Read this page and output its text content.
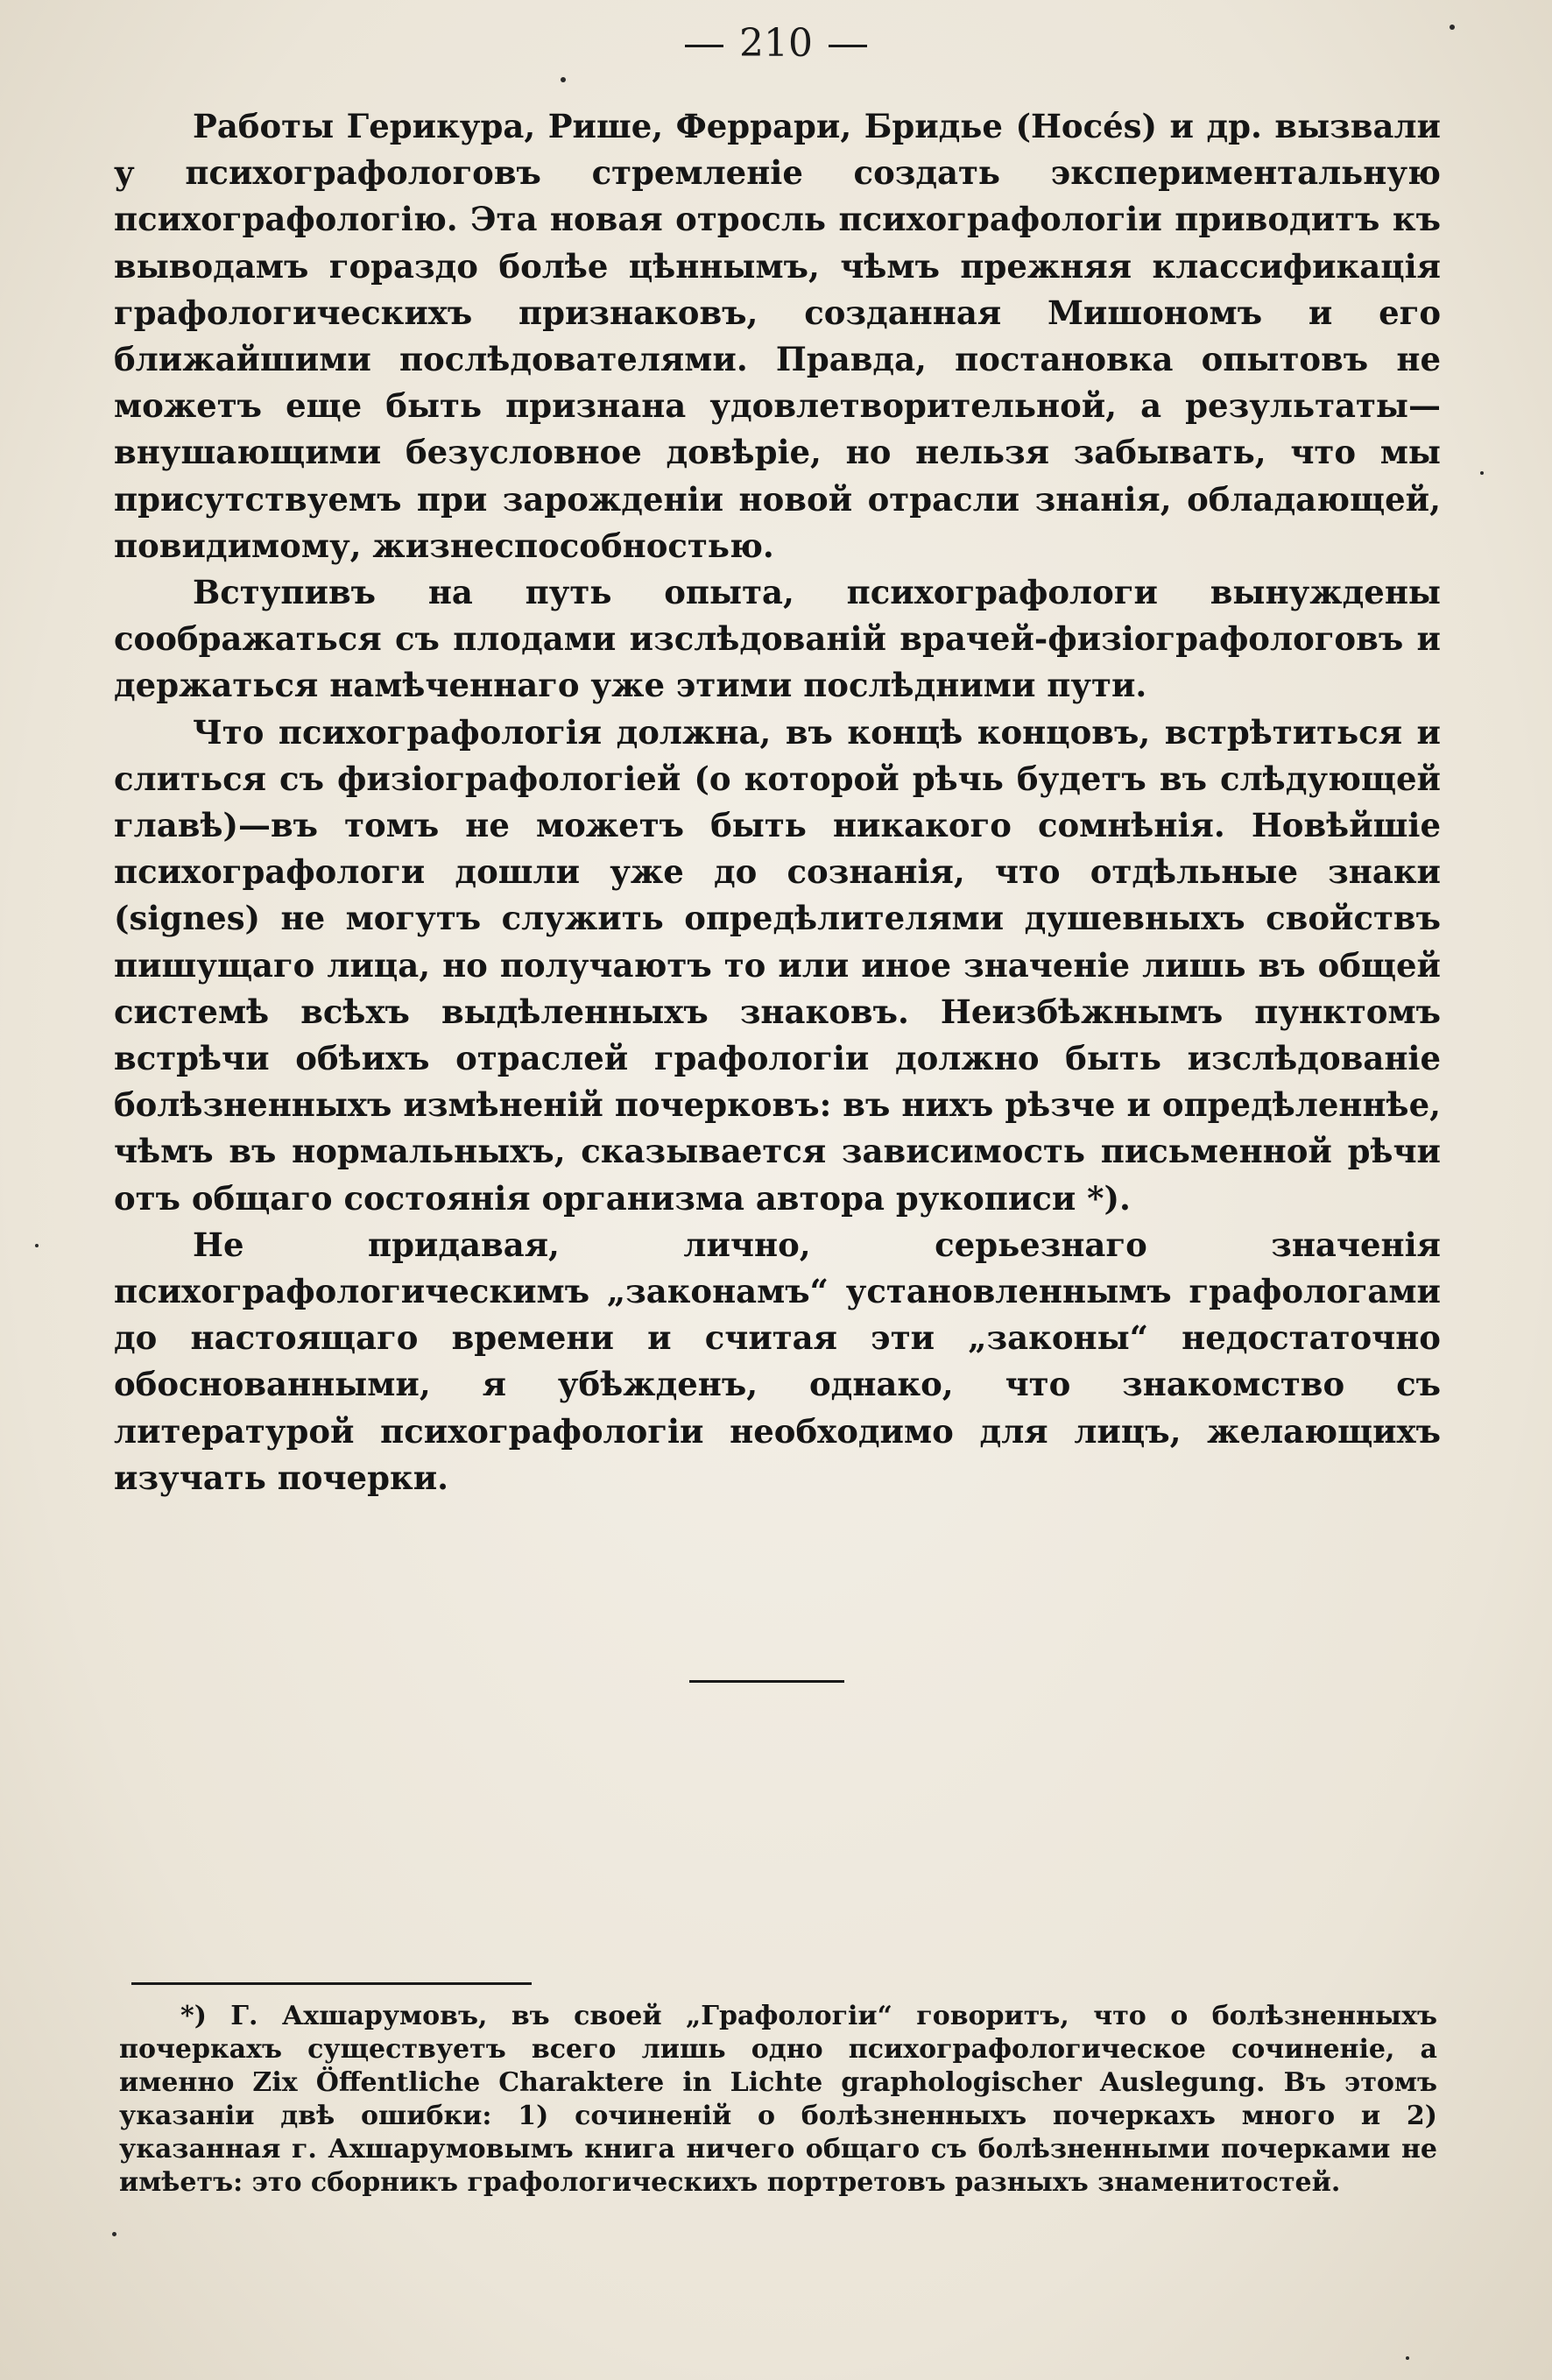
210

Работы Герикура, Рише, Феррари, Бридье (Hocés) и др. вызвали у психографологовъ стремленіе создать экспериментальную психографологію. Эта новая отросль психографологіи приводитъ къ выводамъ гораздо болѣе цѣннымъ, чѣмъ прежняя классификація графологическихъ признаковъ, созданная Мишономъ и его ближайшими послѣдователями. Правда, постановка опытовъ не можетъ еще быть признана удовлетворительной, а результаты—внушающими безусловное довѣріе, но нельзя забывать, что мы присутствуемъ при зарожденіи новой отрасли знанія, обладающей, повидимому, жизнеспособностью.

Вступивъ на путь опыта, психографологи вынуждены соображаться съ плодами изслѣдованій врачей-физіографологовъ и держаться намѣченнаго уже этими послѣдними пути.

Что психографологія должна, въ концѣ концовъ, встрѣтиться и слиться съ физіографологіей (о которой рѣчь будетъ въ слѣдующей главѣ)—въ томъ не можетъ быть никакого сомнѣнія. Новѣйшіе психографологи дошли уже до сознанія, что отдѣльные знаки (signes) не могутъ служить опредѣлителями душевныхъ свойствъ пишущаго лица, но получаютъ то или иное значеніе лишь въ общей системѣ всѣхъ выдѣленныхъ знаковъ. Неизбѣжнымъ пунктомъ встрѣчи обѣихъ отраслей графологіи должно быть изслѣдованіе болѣзненныхъ измѣненій почерковъ: въ нихъ рѣзче и опредѣленнѣе, чѣмъ въ нормальныхъ, сказывается зависимость письменной рѣчи отъ общаго состоянія организма автора рукописи *).

Не придавая, лично, серьезнаго значенія психографологическимъ „законамъ“ установленнымъ графологами до настоящаго времени и считая эти „законы“ недостаточно обоснованными, я убѣжденъ, однако, что знакомство съ литературой психографологіи необходимо для лицъ, желающихъ изучать почерки.

*) Г. Ахшарумовъ, въ своей „Графологіи“ говоритъ, что о болѣзненныхъ почеркахъ существуетъ всего лишь одно психографологическое сочиненіе, а именно Zix Öffentliche Charaktere in Lichte graphologischer Auslegung. Въ этомъ указаніи двѣ ошибки: 1) сочиненій о болѣзненныхъ почеркахъ много и 2) указанная г. Ахшарумовымъ книга ничего общаго съ болѣзненными почерками не имѣетъ: это сборникъ графологическихъ портретовъ разныхъ знаменитостей.
